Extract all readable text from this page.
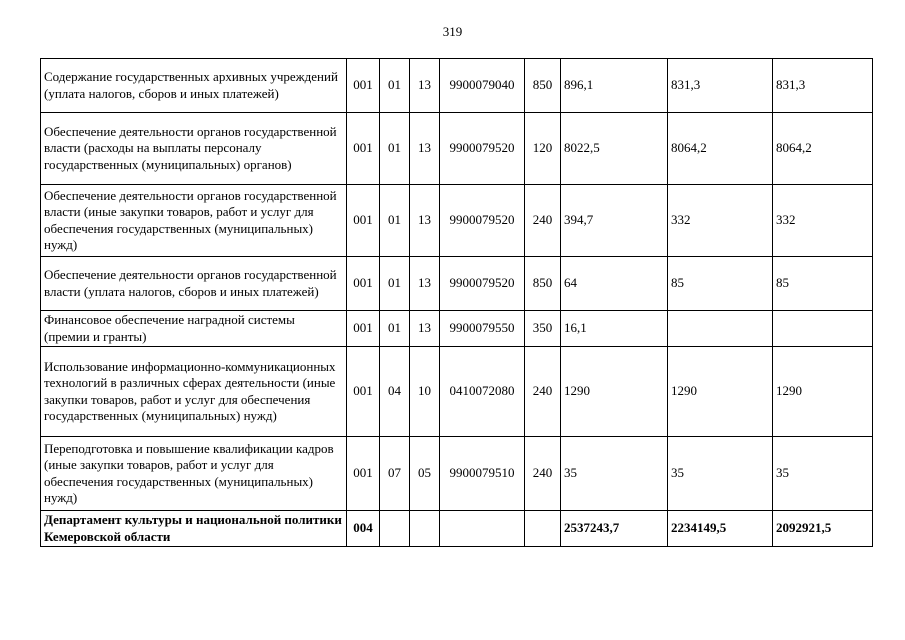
319
Содержание государственных архивных учреждений (уплата налогов, сборов и иных платежей)	001	01	13	9900079040	850	896,1	831,3	831,3
Обеспечение деятельности органов государственной власти (расходы на выплаты персоналу государственных (муниципальных) органов)	001	01	13	9900079520	120	8022,5	8064,2	8064,2
Обеспечение деятельности органов государственной власти (иные закупки товаров, работ и услуг для обеспечения государственных (муниципальных) нужд)	001	01	13	9900079520	240	394,7	332	332
Обеспечение деятельности органов государственной власти (уплата налогов, сборов и иных платежей)	001	01	13	9900079520	850	64	85	85
Финансовое обеспечение наградной системы (премии и гранты)	001	01	13	9900079550	350	16,1		
Использование информационно-коммуникационных технологий в различных сферах деятельности (иные закупки товаров, работ и услуг для обеспечения государственных (муниципальных) нужд)	001	04	10	0410072080	240	1290	1290	1290
Переподготовка и повышение квалификации кадров (иные закупки товаров, работ и услуг для обеспечения государственных (муниципальных) нужд)	001	07	05	9900079510	240	35	35	35
Департамент культуры и национальной политики Кемеровской области	004					2537243,7	2234149,5	2092921,5
